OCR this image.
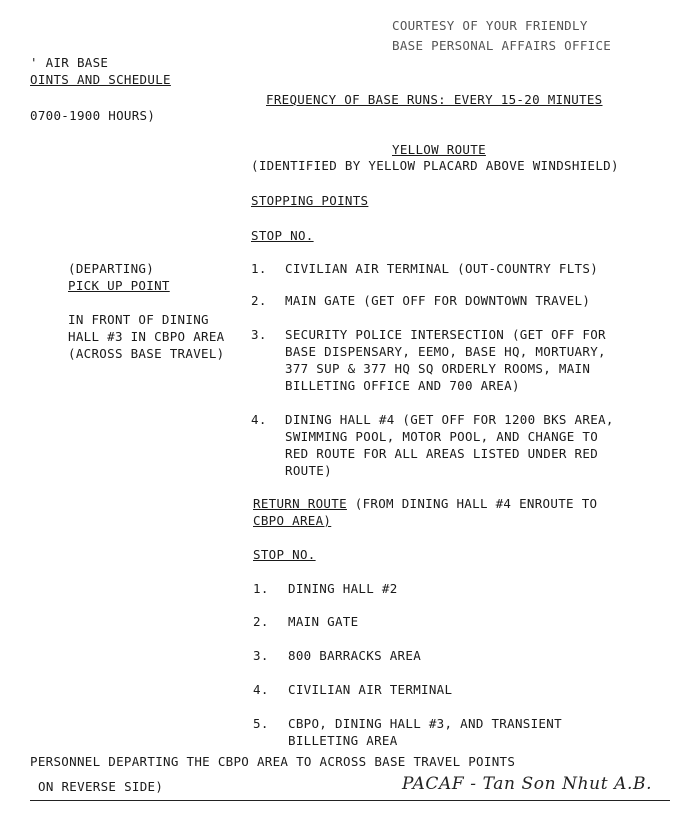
COURTESY OF YOUR FRIENDLY
BASE PERSONAL AFFAIRS OFFICE
' AIR BASE
OINTS AND SCHEDULE
0700-1900 HOURS)
FREQUENCY OF BASE RUNS: EVERY 15-20 MINUTES
YELLOW ROUTE
(IDENTIFIED BY YELLOW PLACARD ABOVE WINDSHIELD)
STOPPING POINTS
STOP NO.
(DEPARTING)
PICK UP POINT
IN FRONT OF DINING
HALL #3 IN CBPO AREA
(ACROSS BASE TRAVEL)
1. CIVILIAN AIR TERMINAL (OUT-COUNTRY FLTS)
2. MAIN GATE (GET OFF FOR DOWNTOWN TRAVEL)
3. SECURITY POLICE INTERSECTION (GET OFF FOR
BASE DISPENSARY, EEMO, BASE HQ, MORTUARY,
377 SUP & 377 HQ SQ ORDERLY ROOMS, MAIN
BILLETING OFFICE AND 700 AREA)
4. DINING HALL #4 (GET OFF FOR 1200 BKS AREA,
SWIMMING POOL, MOTOR POOL, AND CHANGE TO
RED ROUTE FOR ALL AREAS LISTED UNDER RED
ROUTE)
RETURN ROUTE (FROM DINING HALL #4 ENROUTE TO
CBPO AREA)
STOP NO.
1. DINING HALL #2
2. MAIN GATE
3. 800 BARRACKS AREA
4. CIVILIAN AIR TERMINAL
5. CBPO, DINING HALL #3, AND TRANSIENT
BILLETING AREA
PERSONNEL DEPARTING THE CBPO AREA TO ACROSS BASE TRAVEL POINTS
ON REVERSE SIDE)	PACAF - Tan Son Nhut A.B.
